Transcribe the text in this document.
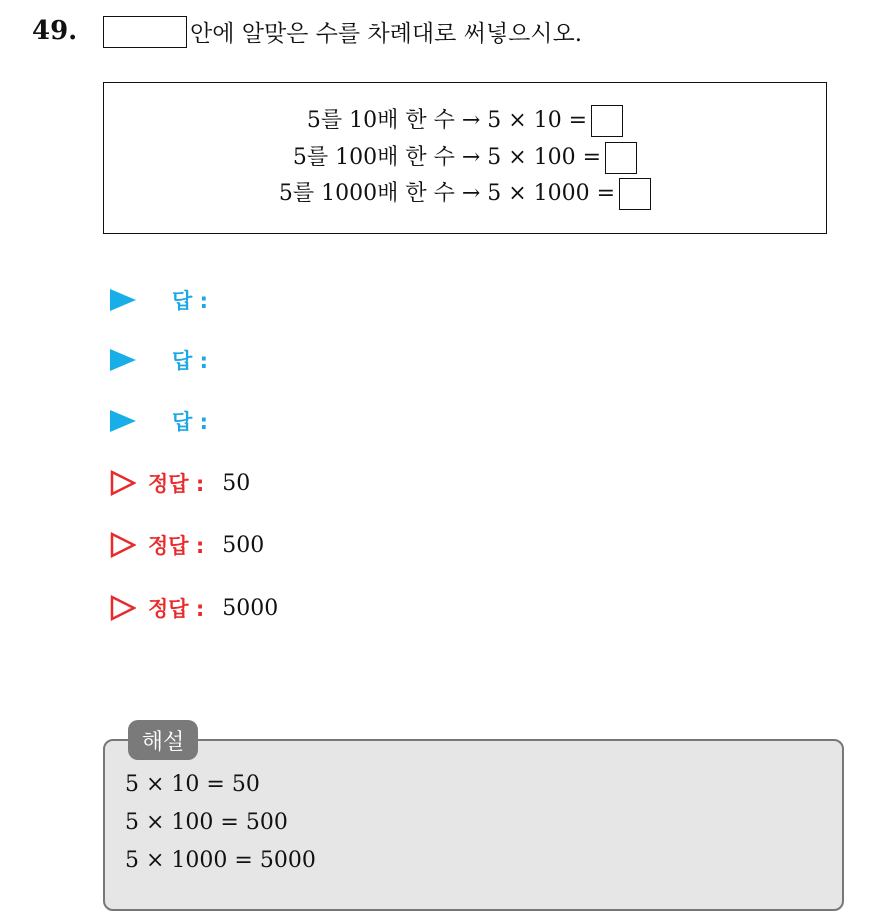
49.	안에 알맞은 수를 차례대로 써넣으시오.
5를 10배 한 수 → 5 × 10 =
5를 100배 한 수 → 5 × 100 =
5를 1000배 한 수 → 5 × 1000 =
답 :
답 :
답 :
정답 : 50
정답 : 500
정답 : 5000
해설
5 × 10 = 50
5 × 100 = 500
5 × 1000 = 5000
